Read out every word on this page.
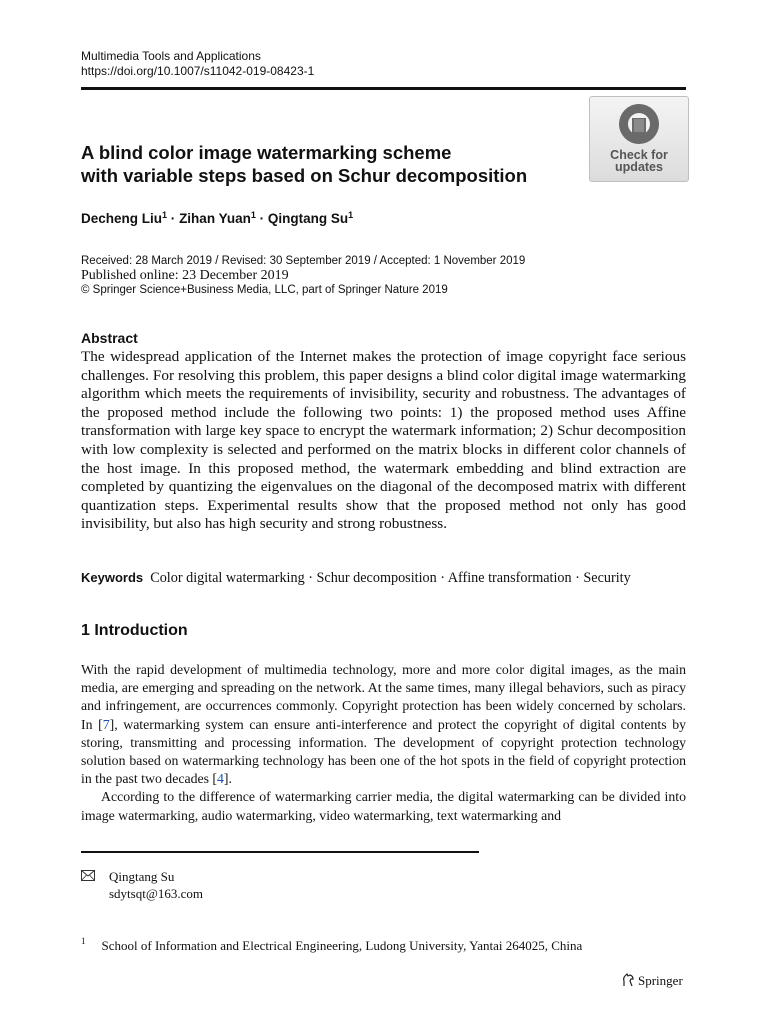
Multimedia Tools and Applications
https://doi.org/10.1007/s11042-019-08423-1
Check for
updates
A blind color image watermarking scheme
with variable steps based on Schur decomposition
Decheng Liu$^1$ · Zihan Yuan$^1$ · Qingtang Su$^1$
Received: 28 March 2019 / Revised: 30 September 2019 / Accepted: 1 November 2019
Published online: 23 December 2019
© Springer Science+Business Media, LLC, part of Springer Nature 2019
Abstract
The widespread application of the Internet makes the protection of image copyright face serious challenges. For resolving this problem, this paper designs a blind color digital image watermarking algorithm which meets the requirements of invisibility, security and robustness. The advantages of the proposed method include the following two points: 1) the proposed method uses Affine transformation with large key space to encrypt the watermark information; 2) Schur decomposition with low complexity is selected and performed on the matrix blocks in different color channels of the host image. In this proposed method, the watermark embedding and blind extraction are completed by quantizing the eigenvalues on the diagonal of the decomposed matrix with different quantization steps. Experimental results show that the proposed method not only has good invisibility, but also has high security and strong robustness.
Keywords Color digital watermarking · Schur decomposition · Affine transformation · Security
1 Introduction

With the rapid development of multimedia technology, more and more color digital images, as the main media, are emerging and spreading on the network. At the same times, many illegal behaviors, such as piracy and infringement, are occurrences commonly. Copyright protection has been widely concerned by scholars. In [7], watermarking system can ensure anti-interference and protect the copyright of digital contents by storing, transmitting and processing information. The development of copyright protection technology solution based on watermarking technology has been one of the hot spots in the field of copyright protection in the past two decades [4].

According to the difference of watermarking carrier media, the digital watermarking can be divided into image watermarking, audio watermarking, video watermarking, text watermarking and

Qingtang Su
sdytsqt@163.com
$^1$ School of Information and Electrical Engineering, Ludong University, Yantai 264025, China
Springer
